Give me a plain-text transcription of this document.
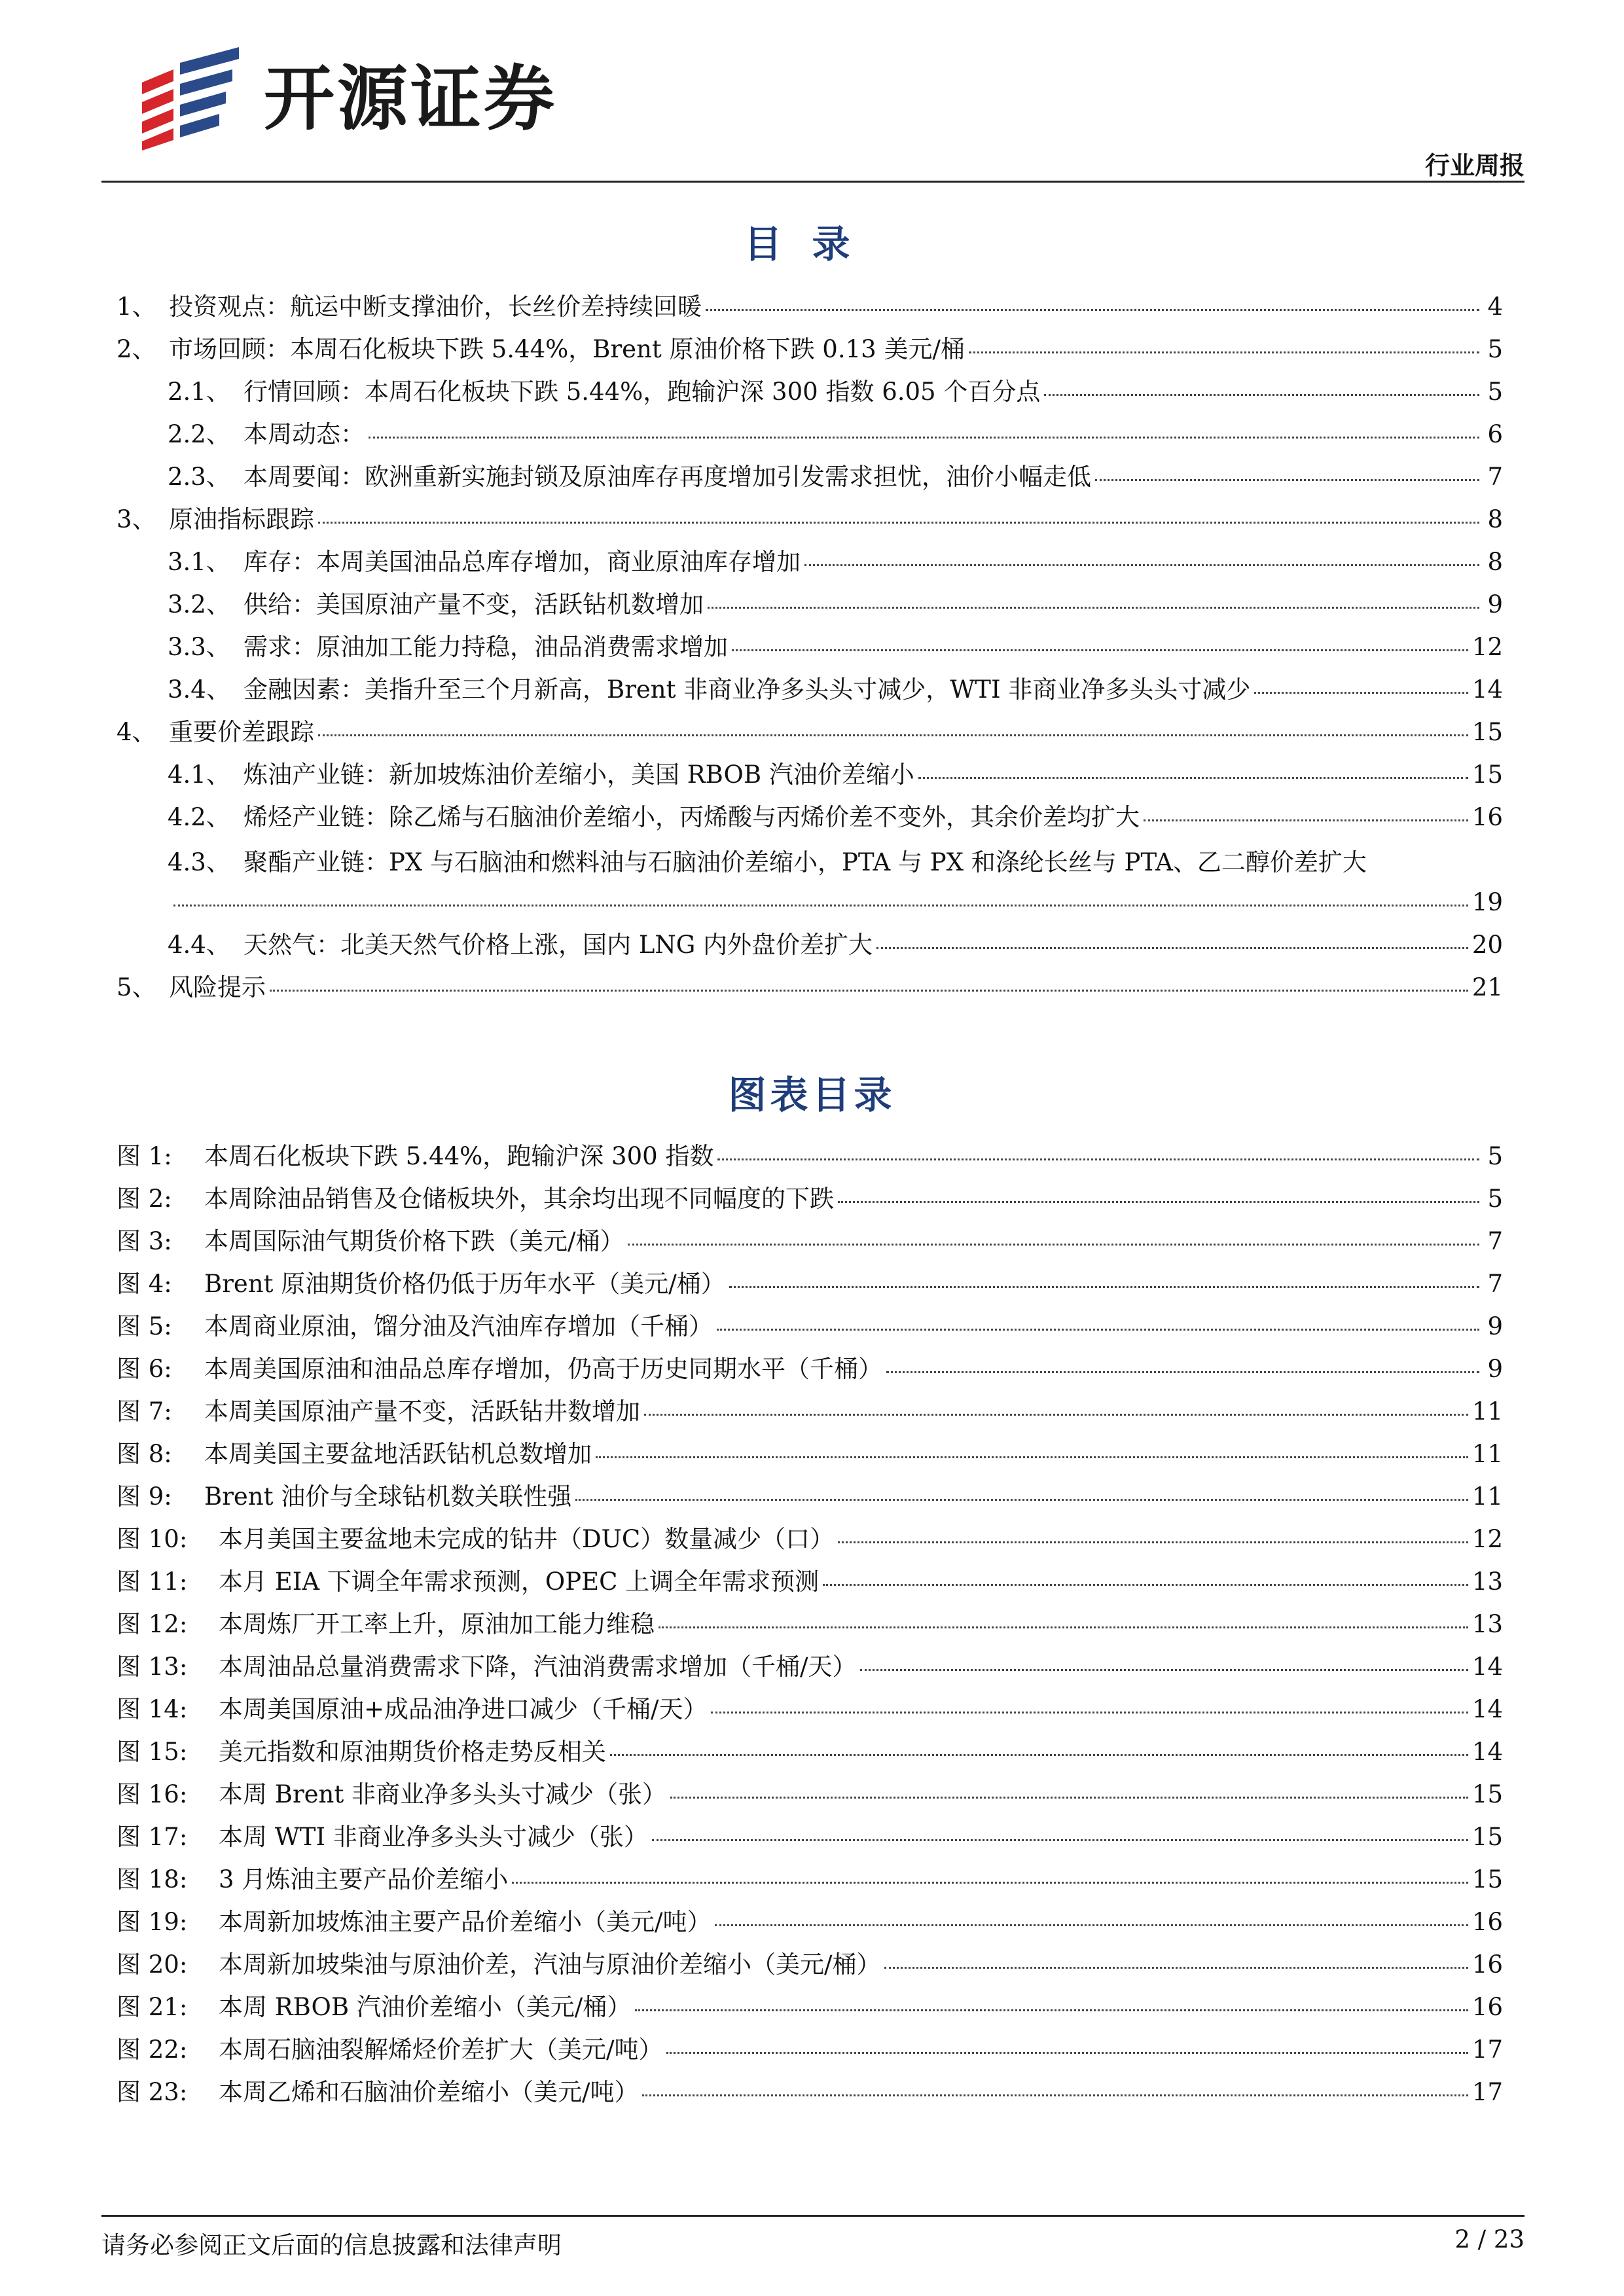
开源证券
行业周报
目录
1、 投资观点：航运中断支撑油价，长丝价差持续回暖	4
2、 市场回顾：本周石化板块下跌 5.44%，Brent 原油价格下跌 0.13 美元/桶	5
2.1、 行情回顾：本周石化板块下跌 5.44%，跑输沪深 300 指数 6.05 个百分点	5
2.2、 本周动态：	6
2.3、 本周要闻：欧洲重新实施封锁及原油库存再度增加引发需求担忧，油价小幅走低	7
3、 原油指标跟踪	8
3.1、 库存：本周美国油品总库存增加，商业原油库存增加	8
3.2、 供给：美国原油产量不变，活跃钻机数增加	9
3.3、 需求：原油加工能力持稳，油品消费需求增加	12
3.4、 金融因素：美指升至三个月新高，Brent 非商业净多头头寸减少，WTI 非商业净多头头寸减少	14
4、 重要价差跟踪	15
4.1、 炼油产业链：新加坡炼油价差缩小，美国 RBOB 汽油价差缩小	15
4.2、 烯烃产业链：除乙烯与石脑油价差缩小，丙烯酸与丙烯价差不变外，其余价差均扩大	16
4.3、 聚酯产业链：PX 与石脑油和燃料油与石脑油价差缩小，PTA 与 PX 和涤纶长丝与 PTA、乙二醇价差扩大
19
4.4、 天然气：北美天然气价格上涨，国内 LNG 内外盘价差扩大	20
5、 风险提示	21
图表目录
图 1:	本周石化板块下跌 5.44%，跑输沪深 300 指数	5
图 2:	本周除油品销售及仓储板块外，其余均出现不同幅度的下跌	5
图 3:	本周国际油气期货价格下跌（美元/桶）	7
图 4:	Brent 原油期货价格仍低于历年水平（美元/桶）	7
图 5:	本周商业原油，馏分油及汽油库存增加（千桶）	9
图 6:	本周美国原油和油品总库存增加，仍高于历史同期水平（千桶）	9
图 7:	本周美国原油产量不变，活跃钻井数增加	11
图 8:	本周美国主要盆地活跃钻机总数增加	11
图 9:	Brent 油价与全球钻机数关联性强	11
图 10:	本月美国主要盆地未完成的钻井（DUC）数量减少（口）	12
图 11:	本月 EIA 下调全年需求预测，OPEC 上调全年需求预测	13
图 12:	本周炼厂开工率上升，原油加工能力维稳	13
图 13:	本周油品总量消费需求下降，汽油消费需求增加（千桶/天）	14
图 14:	本周美国原油+成品油净进口减少（千桶/天）	14
图 15:	美元指数和原油期货价格走势反相关	14
图 16:	本周 Brent 非商业净多头头寸减少（张）	15
图 17:	本周 WTI 非商业净多头头寸减少（张）	15
图 18:	3 月炼油主要产品价差缩小	15
图 19:	本周新加坡炼油主要产品价差缩小（美元/吨）	16
图 20:	本周新加坡柴油与原油价差，汽油与原油价差缩小（美元/桶）	16
图 21:	本周 RBOB 汽油价差缩小（美元/桶）	16
图 22:	本周石脑油裂解烯烃价差扩大（美元/吨）	17
图 23:	本周乙烯和石脑油价差缩小（美元/吨）	17
请务必参阅正文后面的信息披露和法律声明	2 / 23
